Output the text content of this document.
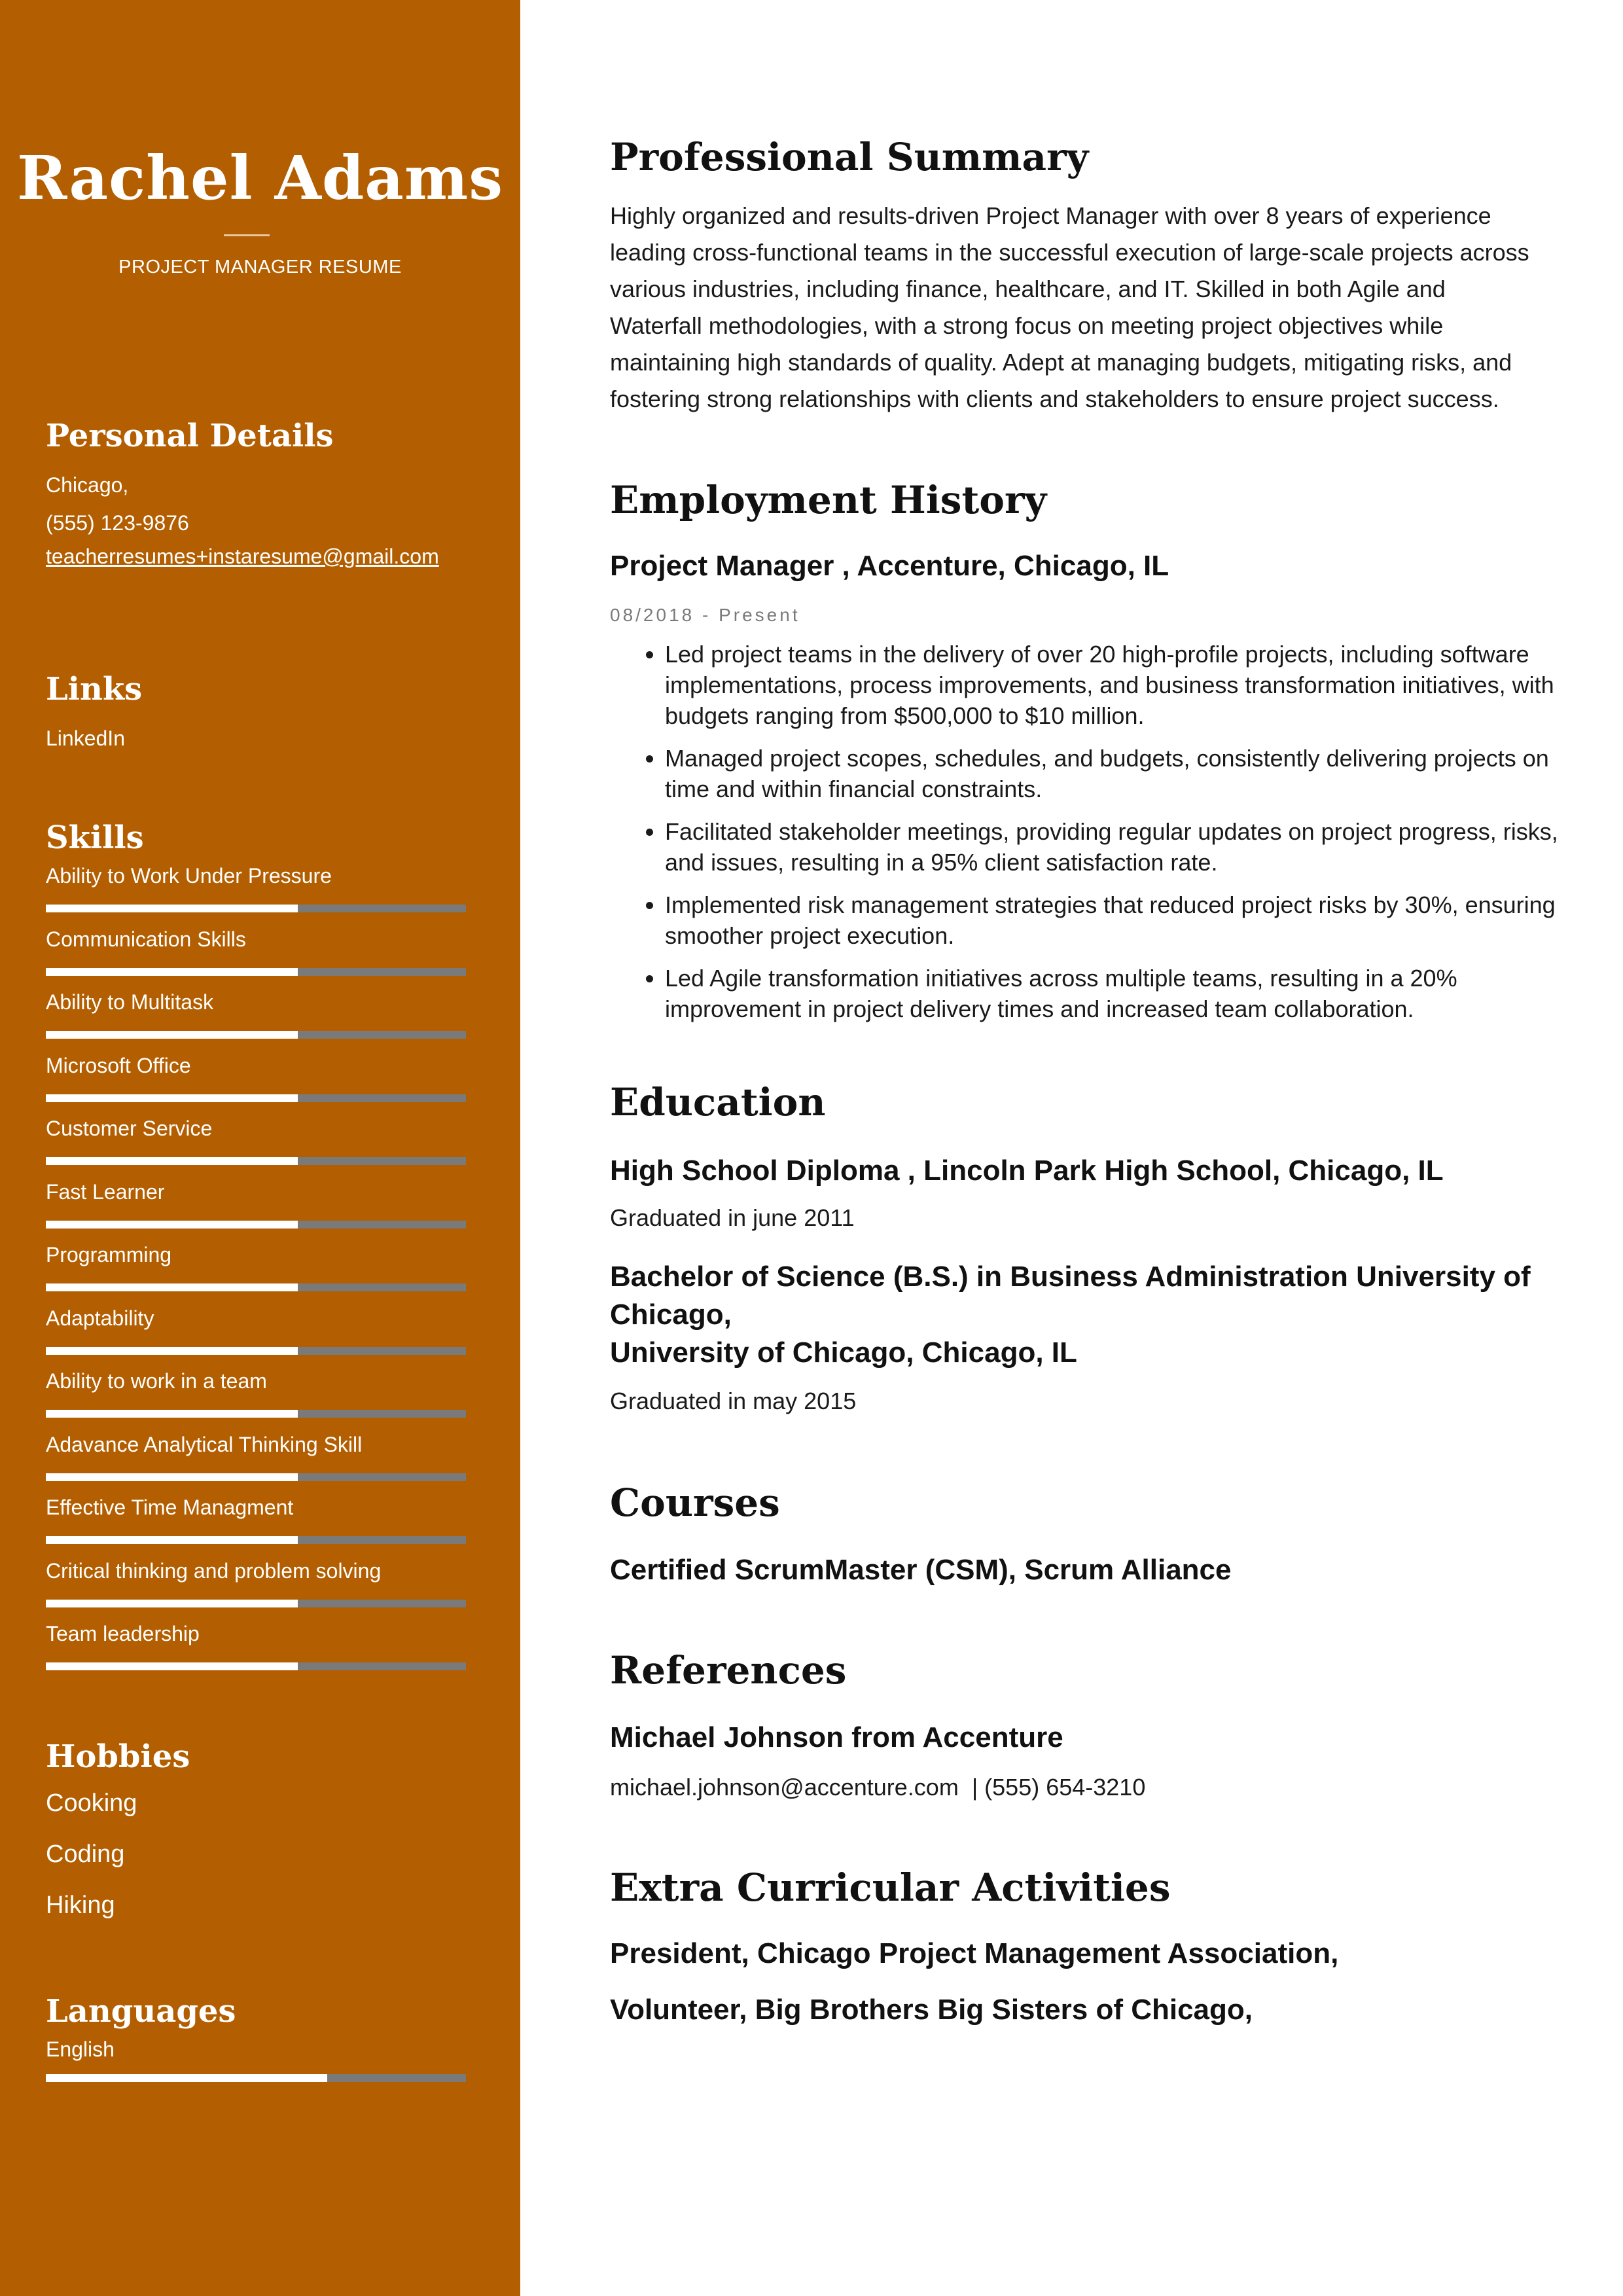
Rachel Adams

PROJECT MANAGER RESUME

Personal Details

Chicago,

(555) 123-9876

teacherresumes+instaresume@gmail.com

Links

LinkedIn

Skills

Ability to Work Under Pressure

Communication Skills

Ability to Multitask

Microsoft Office

Customer Service

Fast Learner

Programming

Adaptability

Ability to work in a team

Adavance Analytical Thinking Skill

Effective Time Managment

Critical thinking and problem solving

Team leadership

Hobbies

Cooking

Coding

Hiking

Languages

English

Professional Summary

Highly organized and results-driven Project Manager with over 8 years of experience leading cross-functional teams in the successful execution of large-scale projects across various industries, including finance, healthcare, and IT. Skilled in both Agile and Waterfall methodologies, with a strong focus on meeting project objectives while maintaining high standards of quality. Adept at managing budgets, mitigating risks, and fostering strong relationships with clients and stakeholders to ensure project success.

Employment History

Project Manager , Accenture, Chicago, IL

08/2018 - Present

• Led project teams in the delivery of over 20 high-profile projects, including software implementations, process improvements, and business transformation initiatives, with budgets ranging from $500,000 to $10 million.
• Managed project scopes, schedules, and budgets, consistently delivering projects on time and within financial constraints.
• Facilitated stakeholder meetings, providing regular updates on project progress, risks, and issues, resulting in a 95% client satisfaction rate.
• Implemented risk management strategies that reduced project risks by 30%, ensuring smoother project execution.
• Led Agile transformation initiatives across multiple teams, resulting in a 20% improvement in project delivery times and increased team collaboration.
Education

High School Diploma , Lincoln Park High School, Chicago, IL

Graduated in june 2011

Bachelor of Science (B.S.) in Business Administration University of

Chicago,

University of Chicago, Chicago, IL

Graduated in may 2015

Courses

Certified ScrumMaster (CSM), Scrum Alliance

References

Michael Johnson from Accenture

michael.johnson@accenture.com  | (555) 654-3210

Extra Curricular Activities

President, Chicago Project Management Association,

Volunteer, Big Brothers Big Sisters of Chicago,
